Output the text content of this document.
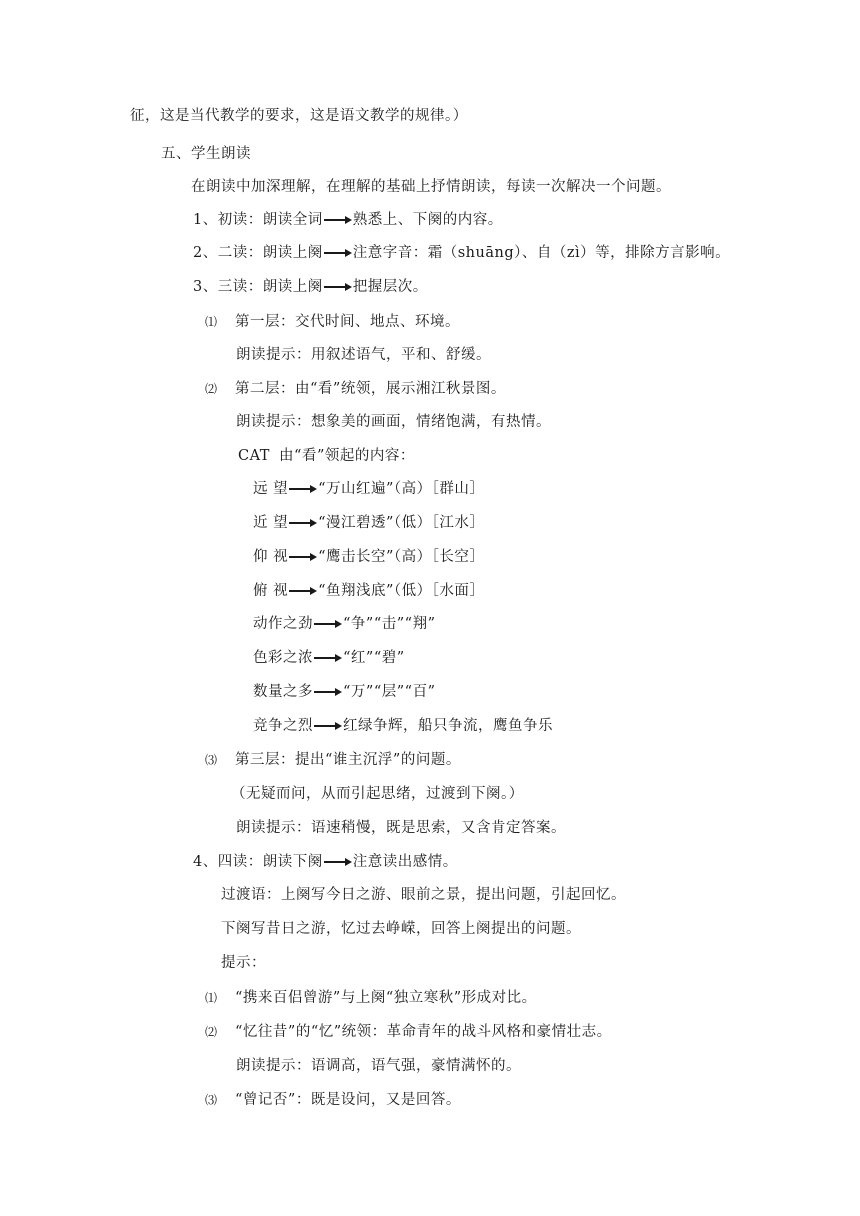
征，这是当代教学的要求，这是语文教学的规律。）
五、学生朗读
在朗读中加深理解，在理解的基础上抒情朗读，每读一次解决一个问题。
1、初读：朗读全词 熟悉上、下阕的内容。
2、二读：朗读上阕 注意字音：霜（shuāng）、自（zì）等，排除方言影响。
3、三读：朗读上阕 把握层次。
⑴ 第一层：交代时间、地点、环境。
朗读提示：用叙述语气，平和、舒缓。
⑵ 第二层：由“看”统领，展示湘江秋景图。
朗读提示：想象美的画面，情绪饱满，有热情。
CAT 由“看”领起的内容：
远 望 “万山红遍”（高）［群山］
近 望 “漫江碧透”（低）［江水］
仰 视 “鹰击长空”（高）［长空］
俯 视 “鱼翔浅底”（低）［水面］
动作之劲 “争”“击”“翔”
色彩之浓 “红”“碧”
数量之多 “万”“层”“百”
竞争之烈 红绿争辉，船只争流，鹰鱼争乐
⑶ 第三层：提出“谁主沉浮”的问题。
（无疑而问，从而引起思绪，过渡到下阕。）
朗读提示：语速稍慢，既是思索，又含肯定答案。
4、四读：朗读下阕 注意读出感情。
过渡语：上阕写今日之游、眼前之景，提出问题，引起回忆。
下阕写昔日之游，忆过去峥嵘，回答上阕提出的问题。
提示：
⑴ “携来百侣曾游”与上阕“独立寒秋”形成对比。
⑵ “忆往昔”的“忆”统领：革命青年的战斗风格和豪情壮志。
朗读提示：语调高，语气强，豪情满怀的。
⑶ “曾记否”：既是设问，又是回答。
